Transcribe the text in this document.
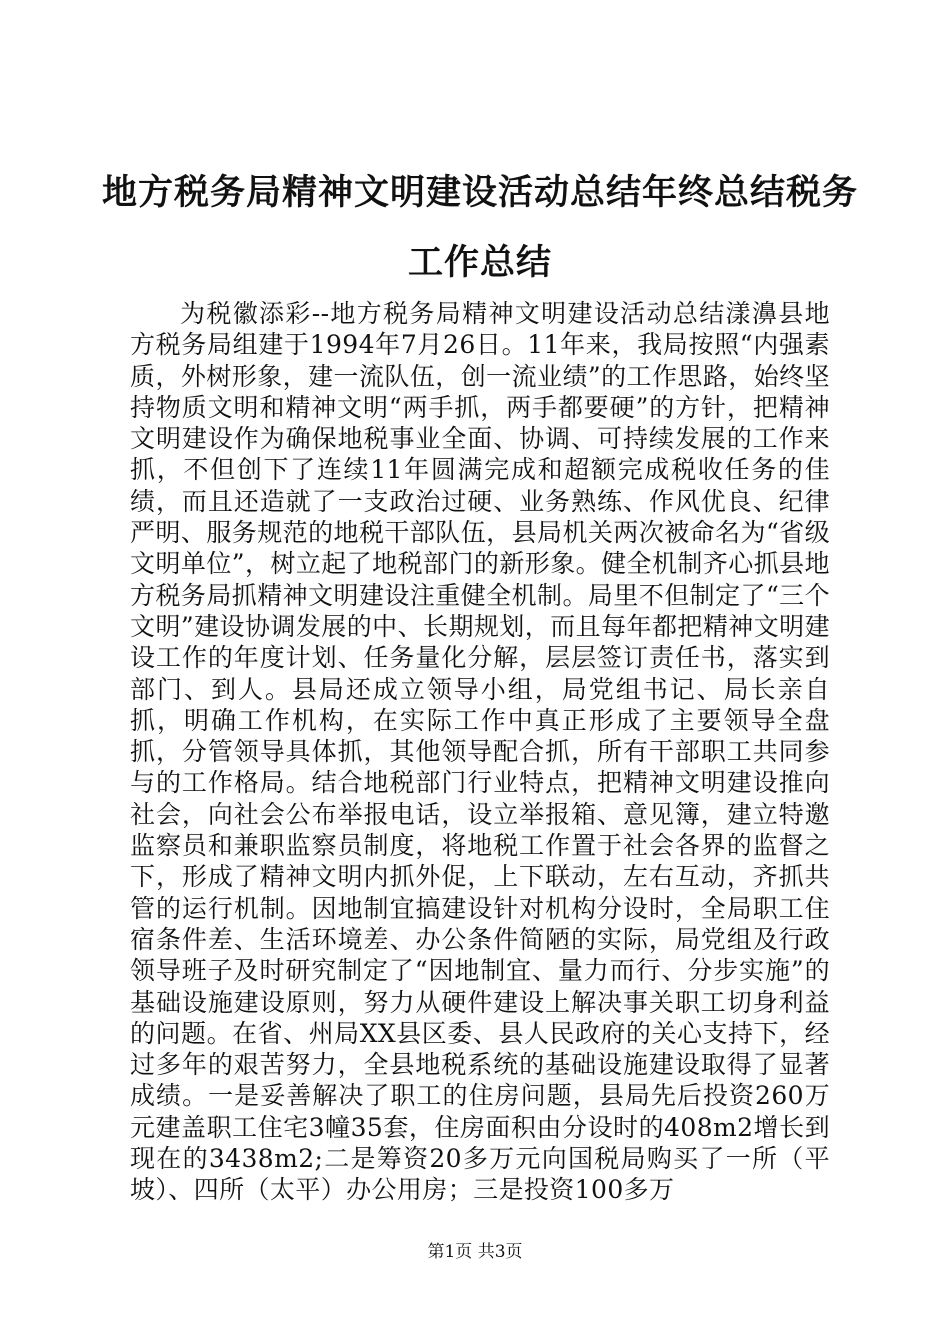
地方税务局精神文明建设活动总结年终总结税务工作总结

为税徽添彩--地方税务局精神文明建设活动总结漾濞县地方税务局组建于1994年7月26日。11年来，我局按照“内强素质，外树形象，建一流队伍，创一流业绩”的工作思路，始终坚持物质文明和精神文明“两手抓，两手都要硬”的方针，把精神文明建设作为确保地税事业全面、协调、可持续发展的工作来抓，不但创下了连续11年圆满完成和超额完成税收任务的佳绩，而且还造就了一支政治过硬、业务熟练、作风优良、纪律严明、服务规范的地税干部队伍，县局机关两次被命名为“省级文明单位”，树立起了地税部门的新形象。健全机制齐心抓县地方税务局抓精神文明建设注重健全机制。局里不但制定了“三个文明”建设协调发展的中、长期规划，而且每年都把精神文明建设工作的年度计划、任务量化分解，层层签订责任书，落实到部门、到人。县局还成立领导小组，局党组书记、局长亲自抓，明确工作机构，在实际工作中真正形成了主要领导全盘抓，分管领导具体抓，其他领导配合抓，所有干部职工共同参与的工作格局。结合地税部门行业特点，把精神文明建设推向社会，向社会公布举报电话，设立举报箱、意见簿，建立特邀监察员和兼职监察员制度，将地税工作置于社会各界的监督之下，形成了精神文明内抓外促，上下联动，左右互动，齐抓共管的运行机制。因地制宜搞建设针对机构分设时，全局职工住宿条件差、生活环境差、办公条件简陋的实际，局党组及行政领导班子及时研究制定了“因地制宜、量力而行、分步实施”的基础设施建设原则，努力从硬件建设上解决事关职工切身利益的问题。在省、州局XX县区委、县人民政府的关心支持下，经过多年的艰苦努力，全县地税系统的基础设施建设取得了显著成绩。一是妥善解决了职工的住房问题，县局先后投资260万元建盖职工住宅3幢35套，住房面积由分设时的408m2增长到现在的3438m2;二是筹资20多万元向国税局购买了一所（平坡）、四所（太平）办公用房；三是投资100多万

第1页 共3页
